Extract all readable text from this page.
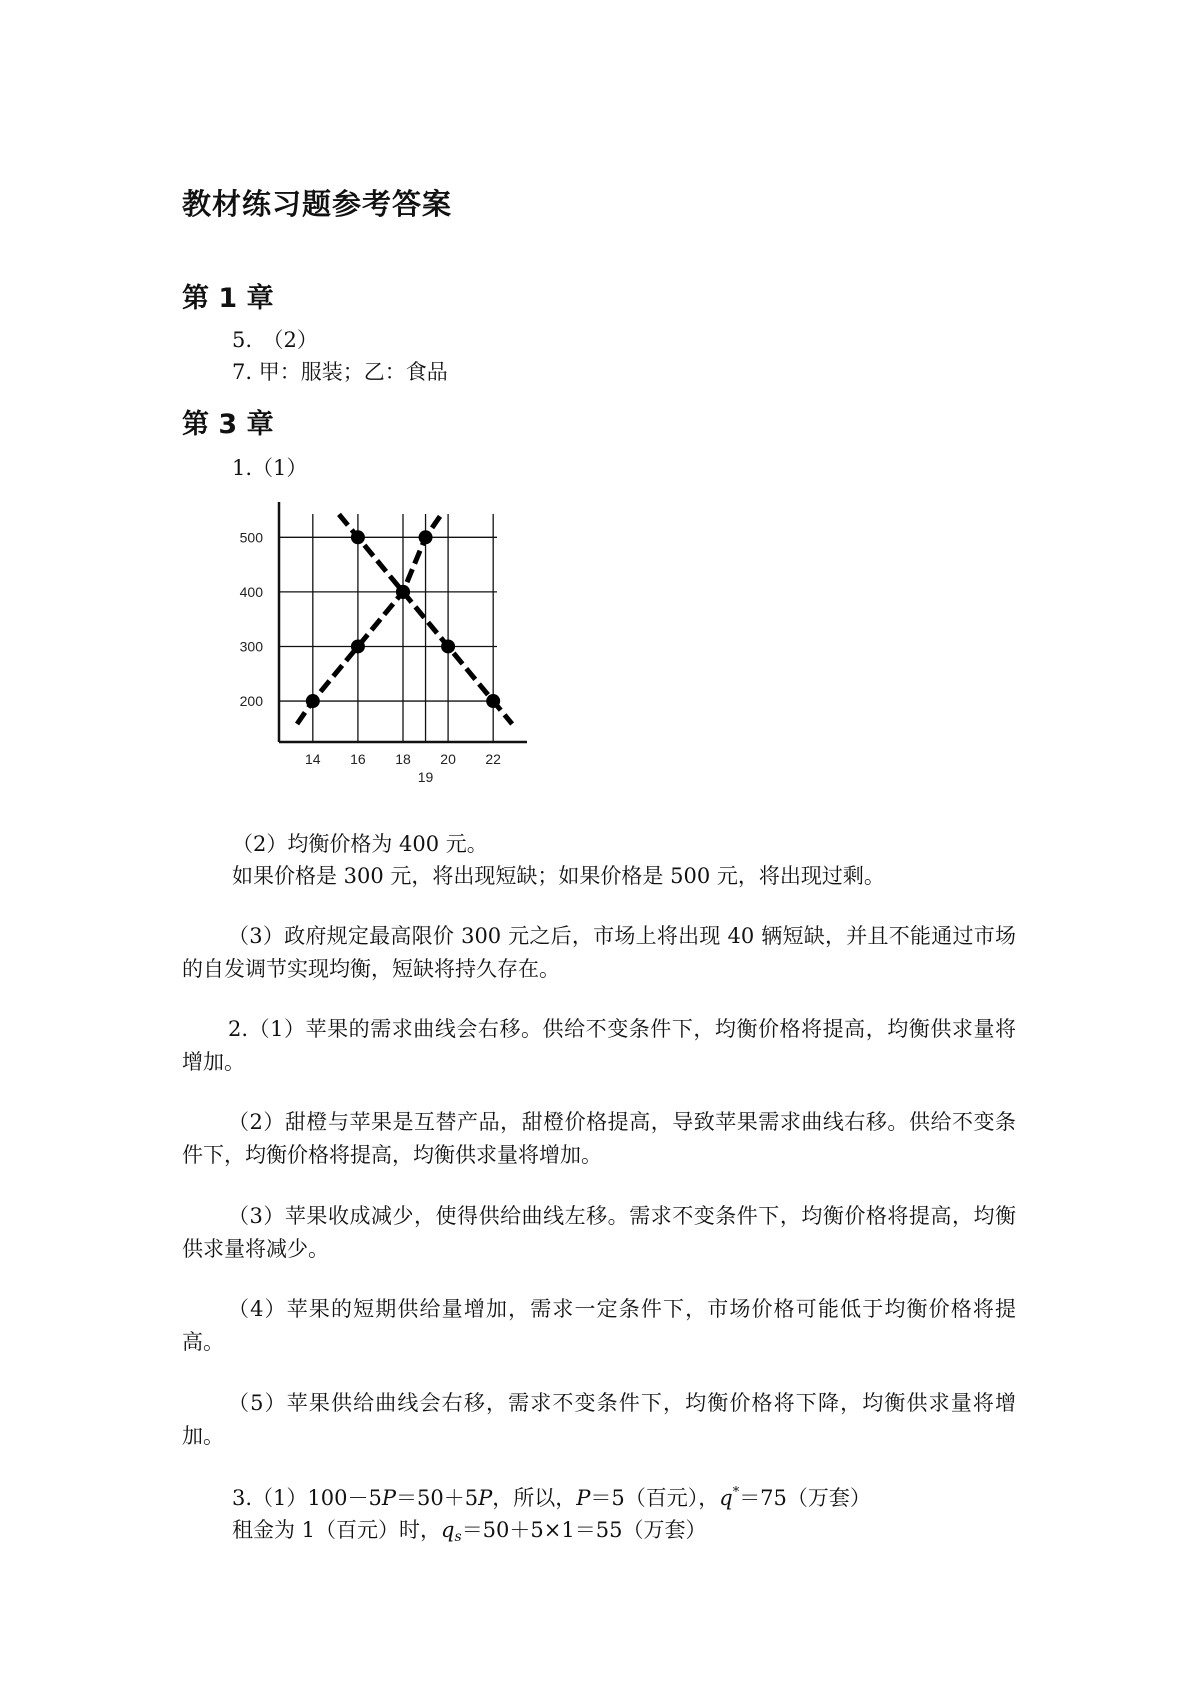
教材练习题参考答案
第 1 章
5.　（2）
7. 甲：服装；乙：食品
第 3 章
1.（1）
200
300
400
500
14 16 18 20 22
19
（2）均衡价格为 400 元。
如果价格是 300 元，将出现短缺；如果价格是 500 元，将出现过剩。

（3）政府规定最高限价 300 元之后，市场上将出现 40 辆短缺，并且不能通过市场的自发调节实现均衡，短缺将持久存在。

2.（1）苹果的需求曲线会右移。供给不变条件下，均衡价格将提高，均衡供求量将增加。

（2）甜橙与苹果是互替产品，甜橙价格提高，导致苹果需求曲线右移。供给不变条件下，均衡价格将提高，均衡供求量将增加。

（3）苹果收成减少，使得供给曲线左移。需求不变条件下，均衡价格将提高，均衡供求量将减少。

（4）苹果的短期供给量增加，需求一定条件下，市场价格可能低于均衡价格将提高。

（5）苹果供给曲线会右移，需求不变条件下，均衡价格将下降，均衡供求量将增加。

3.（1）100－5P＝50＋5P，所以，P＝5（百元），q*＝75（万套）
租金为 1（百元）时，qs＝50＋5×1＝55（万套）
